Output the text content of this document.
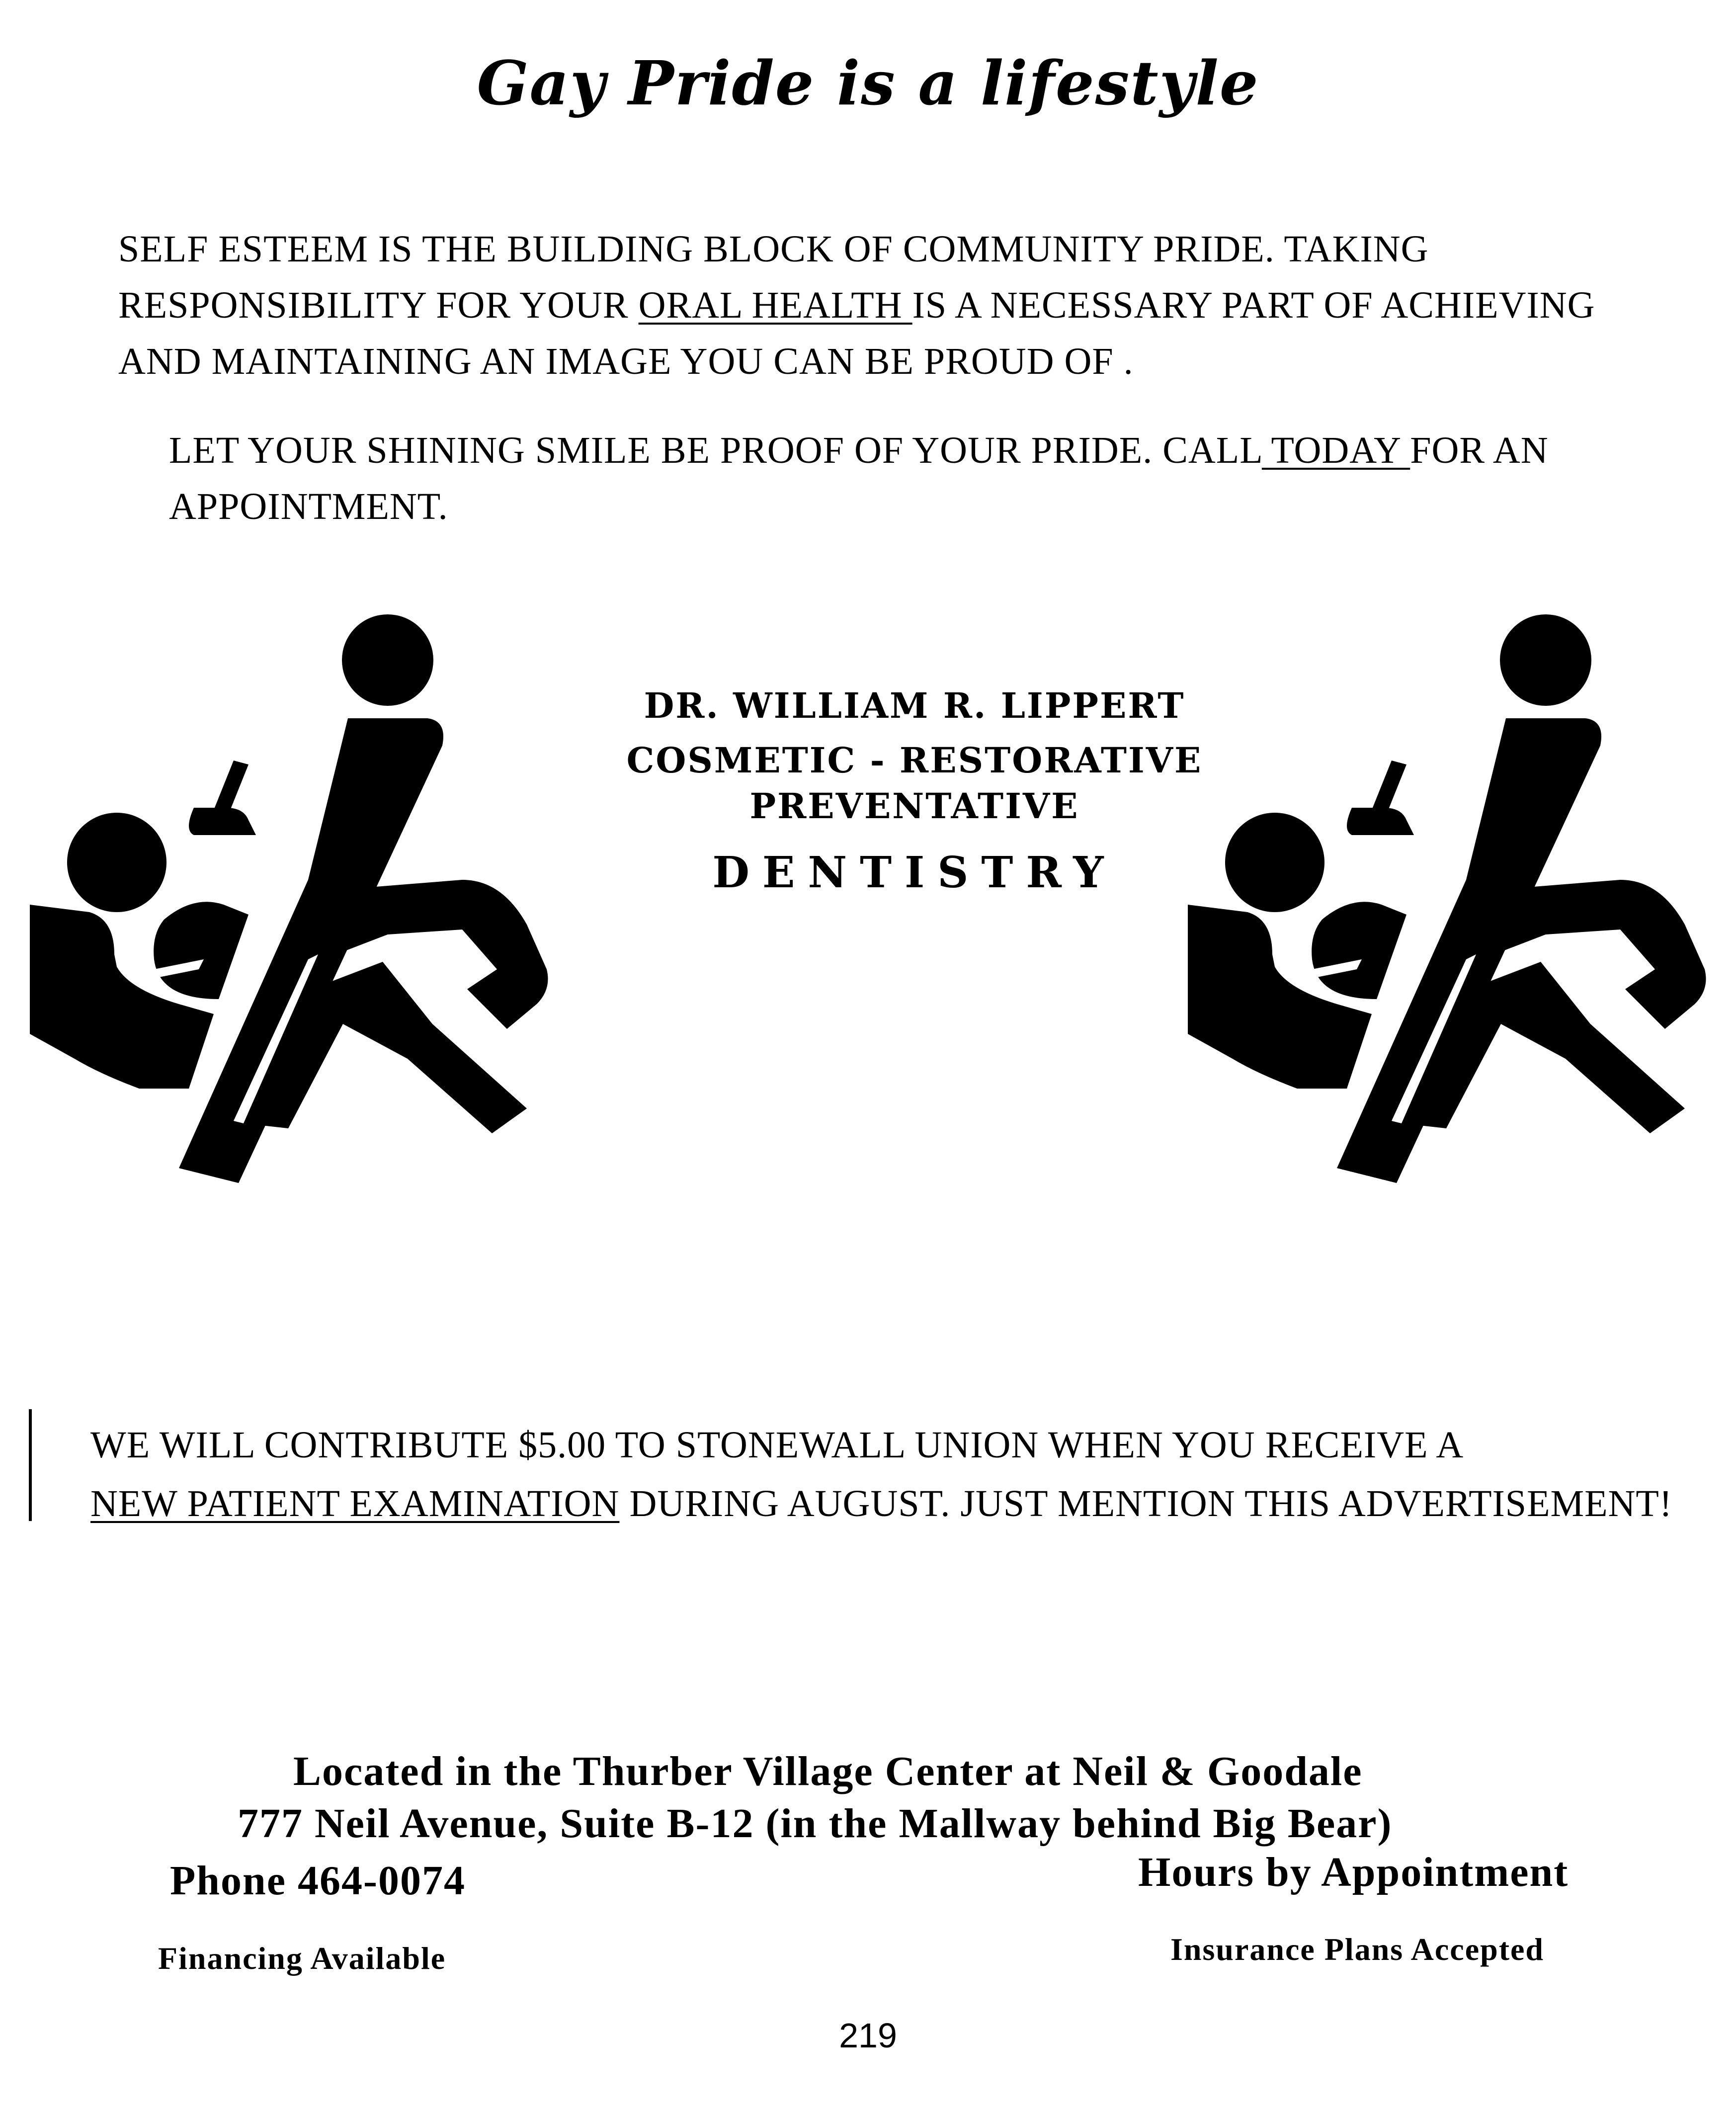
Gay Pride is a lifestyle
SELF ESTEEM IS THE BUILDING BLOCK OF COMMUNITY PRIDE. TAKING
RESPONSIBILITY FOR YOUR ORAL HEALTH IS A NECESSARY PART OF ACHIEVING
AND MAINTAINING AN IMAGE YOU CAN BE PROUD OF .
LET YOUR SHINING SMILE BE PROOF OF YOUR PRIDE. CALL TODAY FOR AN
APPOINTMENT.
DR. WILLIAM R. LIPPERT
COSMETIC - RESTORATIVE
PREVENTATIVE
DENTISTRY
WE WILL CONTRIBUTE $5.00 TO STONEWALL UNION WHEN YOU RECEIVE A
NEW PATIENT EXAMINATION DURING AUGUST. JUST MENTION THIS ADVERTISEMENT!
Located in the Thurber Village Center at Neil & Goodale
777 Neil Avenue, Suite B-12 (in the Mallway behind Big Bear)
Phone 464-0074	Hours by Appointment
Financing Available	Insurance Plans Accepted
219
